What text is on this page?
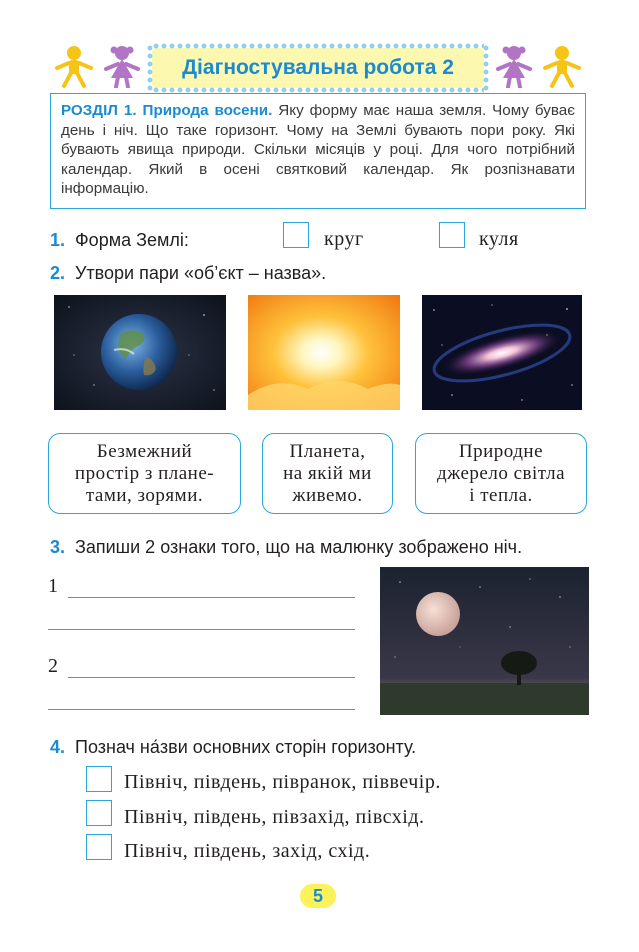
Діагностувальна робота 2
РОЗДІЛ 1. Природа восени. Яку форму має наша земля. Чому буває день і ніч. Що таке горизонт. Чому на Землі бувають пори року. Які бувають явища природи. Скільки місяців у році. Для чого потрібний календар. Який в осені святковий календар. Як розпізнавати інформацію.
1. Форма Землі:	круг	куля
2. Утвори пари «об’єкт – назва».
Безмежний
простір з плане-
тами, зорями.
Планета,
на якій ми
живемо.
Природне
джерело світла
і тепла.
3. Запиши 2 ознаки того, що на малюнку зображено ніч.
1
2
4. Познач на́зви основних сторін горизонту.
Північ, південь, півранок, піввечір.
Північ, південь, півзахід, півсхід.
Північ, південь, захід, схід.
5
